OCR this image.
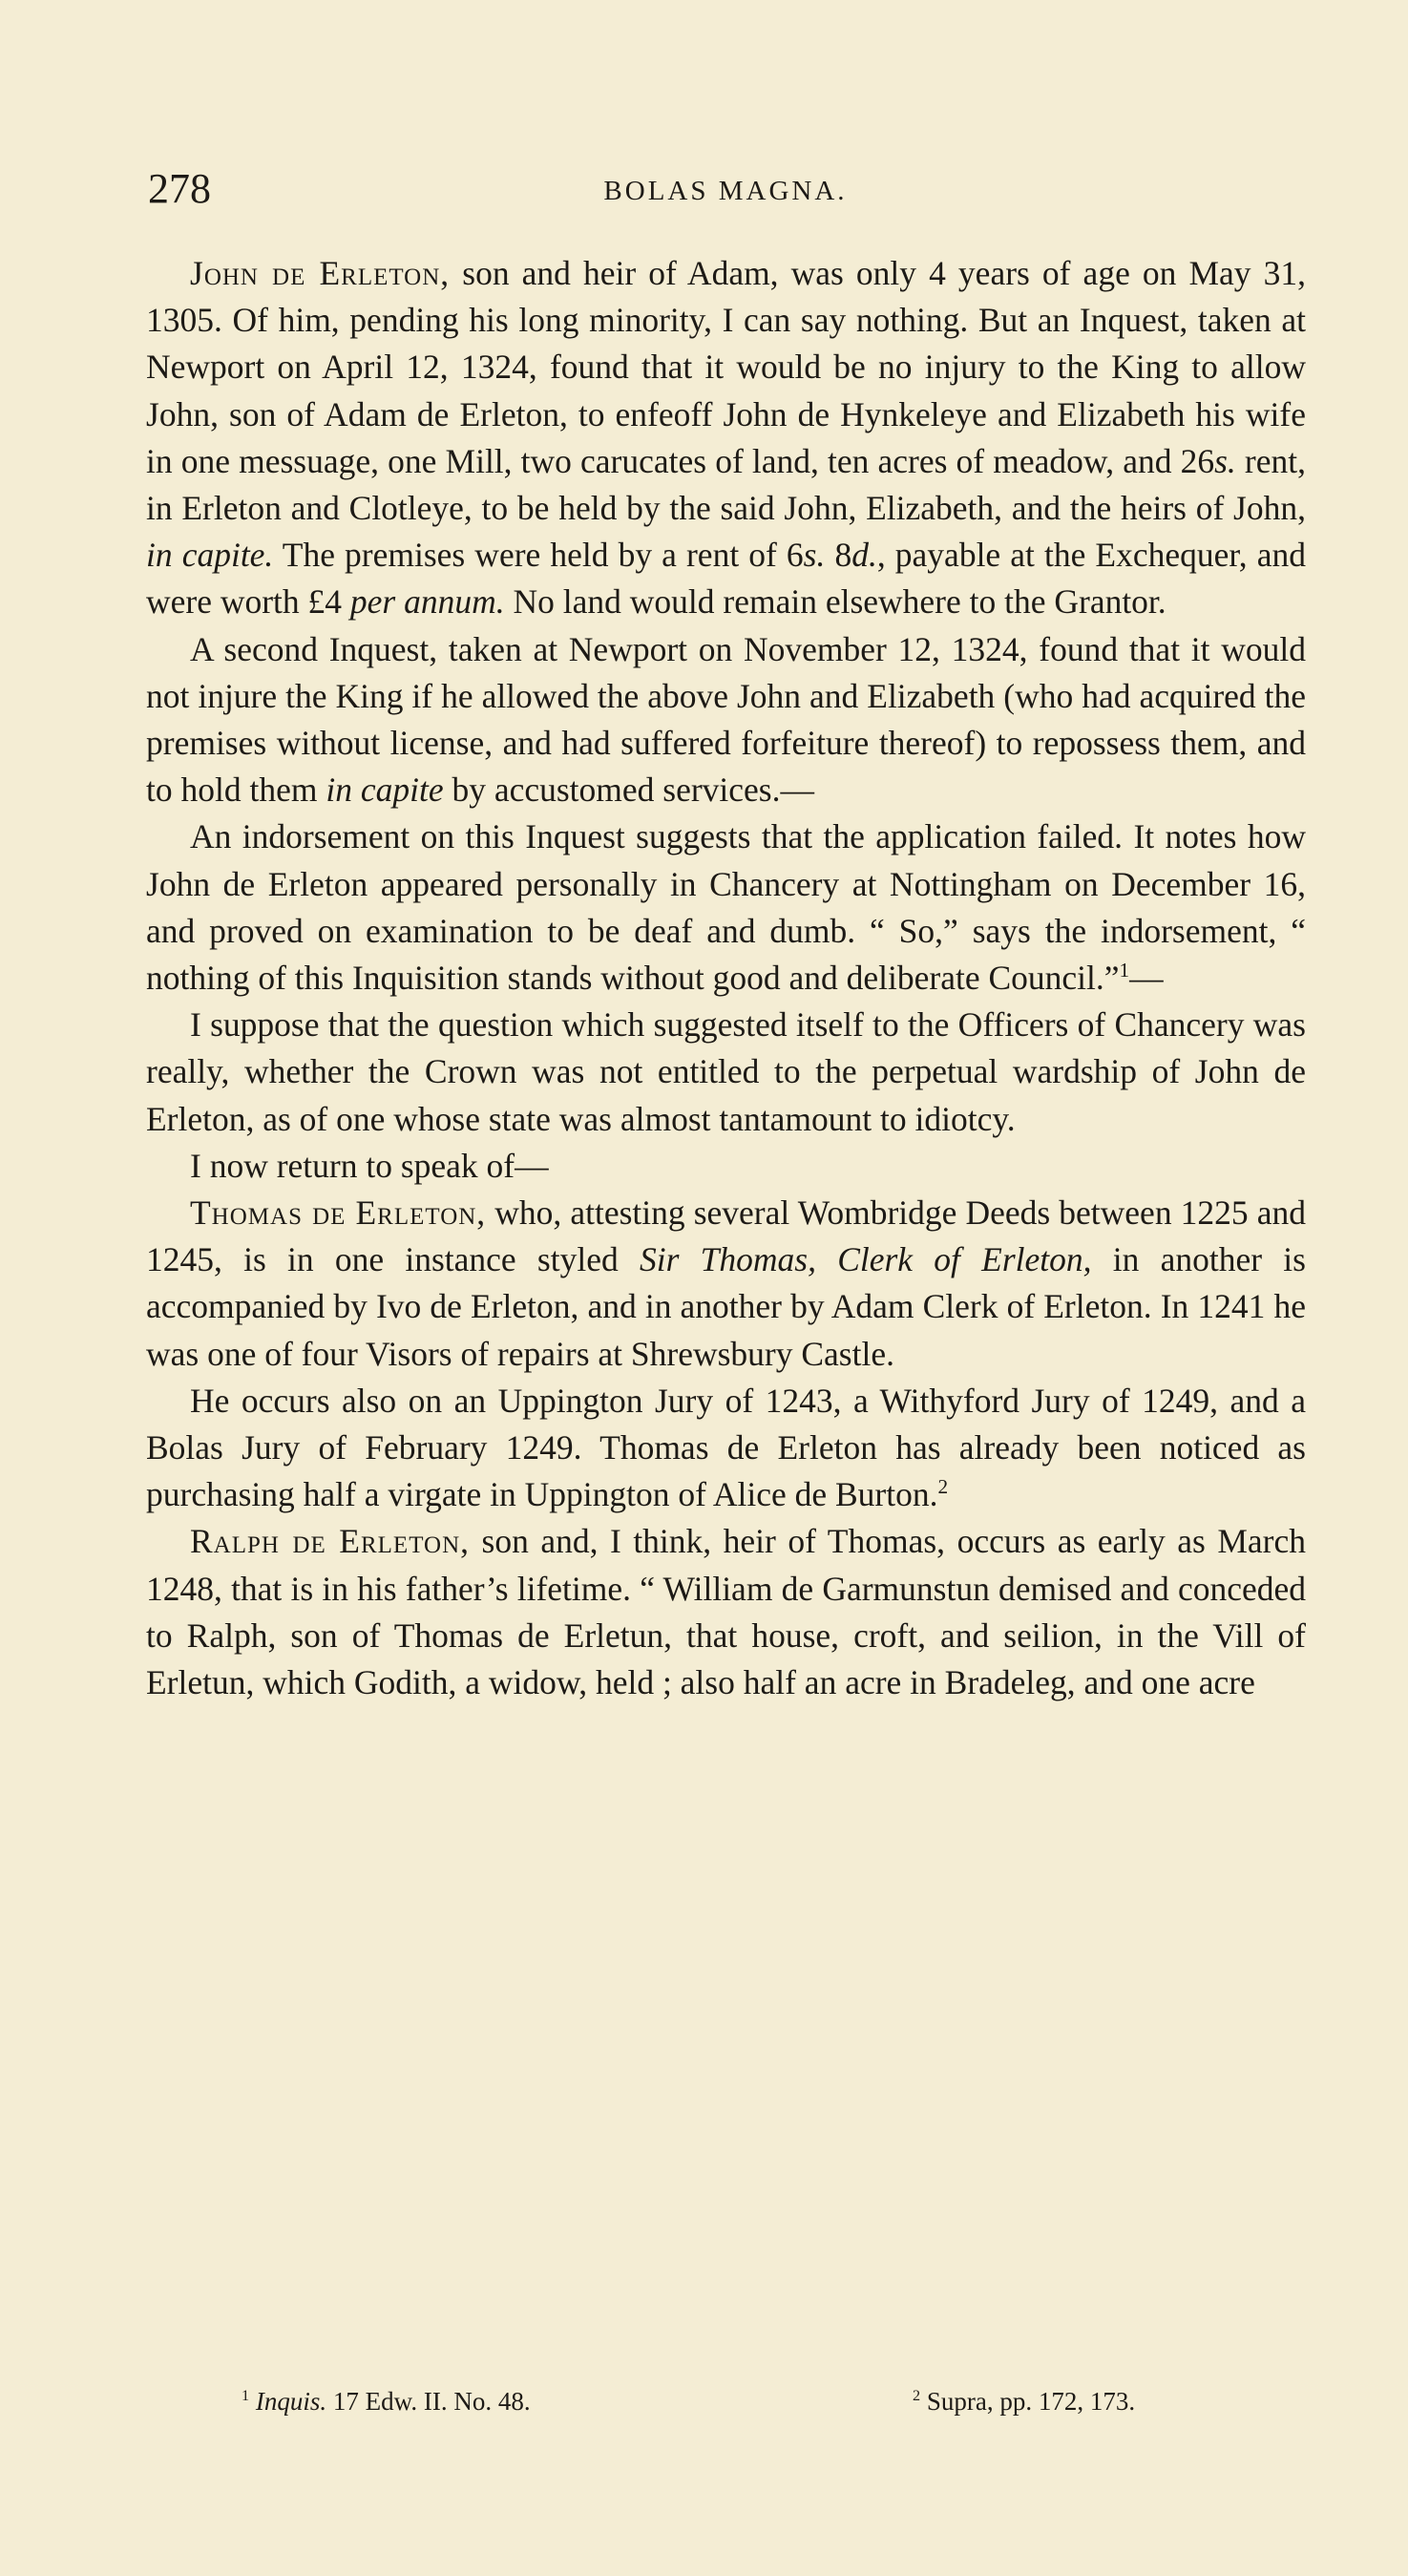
278	BOLAS MAGNA.

John de Erleton, son and heir of Adam, was only 4 years of age on May 31, 1305. Of him, pending his long minority, I can say nothing. But an Inquest, taken at Newport on April 12, 1324, found that it would be no injury to the King to allow John, son of Adam de Erleton, to enfeoff John de Hynkeleye and Elizabeth his wife in one messuage, one Mill, two carucates of land, ten acres of meadow, and 26s. rent, in Erleton and Clotleye, to be held by the said John, Elizabeth, and the heirs of John, in capite. The premises were held by a rent of 6s. 8d., payable at the Exchequer, and were worth £4 per annum. No land would remain elsewhere to the Grantor.

A second Inquest, taken at Newport on November 12, 1324, found that it would not injure the King if he allowed the above John and Elizabeth (who had acquired the premises without license, and had suffered forfeiture thereof) to repossess them, and to hold them in capite by accustomed services.—

An indorsement on this Inquest suggests that the application failed. It notes how John de Erleton appeared personally in Chancery at Nottingham on December 16, and proved on examination to be deaf and dumb. “ So,” says the indorsement, “ nothing of this Inquisition stands without good and deliberate Council.”$^1$—

I suppose that the question which suggested itself to the Officers of Chancery was really, whether the Crown was not entitled to the perpetual wardship of John de Erleton, as of one whose state was almost tantamount to idiotcy.

I now return to speak of—

Thomas de Erleton, who, attesting several Wombridge Deeds between 1225 and 1245, is in one instance styled Sir Thomas, Clerk of Erleton, in another is accompanied by Ivo de Erleton, and in another by Adam Clerk of Erleton. In 1241 he was one of four Visors of repairs at Shrewsbury Castle.

He occurs also on an Uppington Jury of 1243, a Withyford Jury of 1249, and a Bolas Jury of February 1249. Thomas de Erleton has already been noticed as purchasing half a virgate in Uppington of Alice de Burton.$^2$

Ralph de Erleton, son and, I think, heir of Thomas, occurs as early as March 1248, that is in his father’s lifetime. “ William de Garmunstun demised and conceded to Ralph, son of Thomas de Erletun, that house, croft, and seilion, in the Vill of Erletun, which Godith, a widow, held ; also half an acre in Bradeleg, and one acre

$^1$ Inquis. 17 Edw. II. No. 48.	$^2$ Supra, pp. 172, 173.
